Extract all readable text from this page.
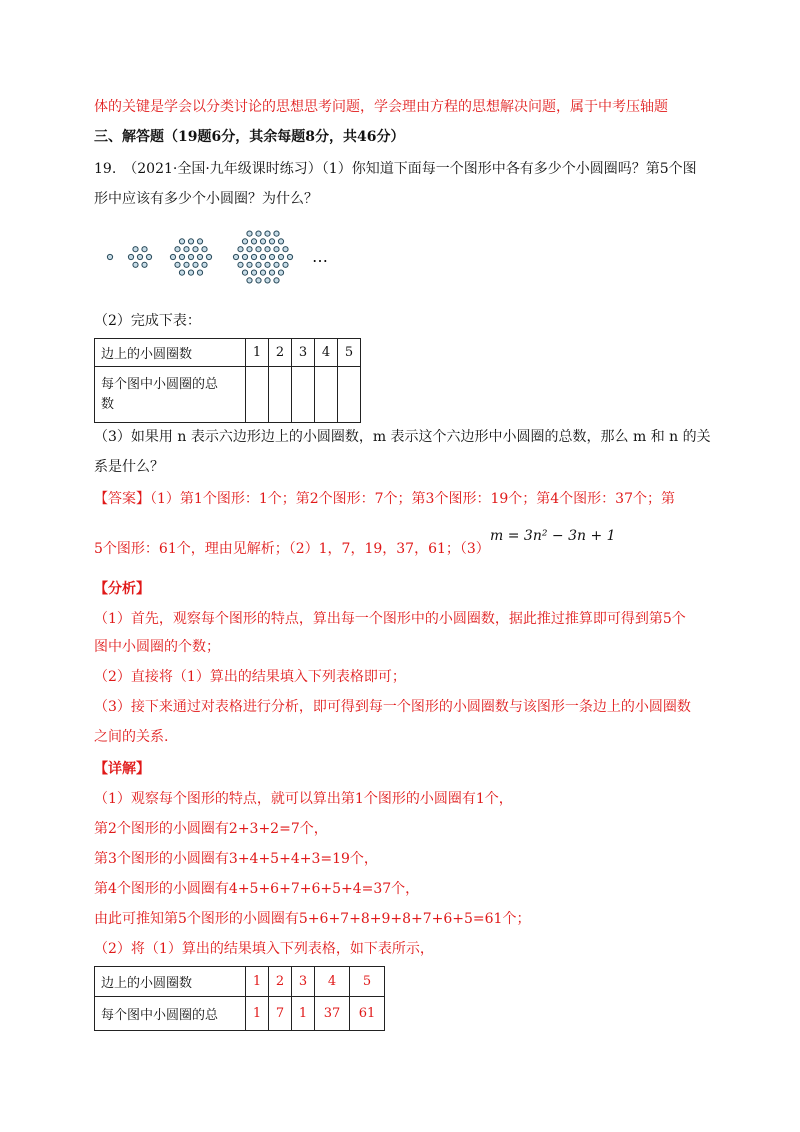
体的关键是学会以分类讨论的思想思考问题，学会理由方程的思想解决问题，属于中考压轴题
三、解答题（19题6分，其余每题8分，共46分）
19.　（2021·全国·九年级课时练习）（1）你知道下面每一个图形中各有多少个小圆圈吗？第5个图
形中应该有多少个小圆圈？为什么？
…
（2）完成下表：
边上的小圆圈数	1	2	3	4	5
每个图中小圆圈的总
数					
（3）如果用 n 表示六边形边上的小圆圈数，m 表示这个六边形中小圆圈的总数，那么 m 和 n 的关
系是什么？
【答案】（1）第1个图形：1个；第2个图形：7个；第3个图形：19个；第4个图形：37个；第
5个图形：61个，理由见解析；（2）1，7，19，37，61；（3）
m = 3n² − 3n + 1
【分析】
（1）首先，观察每个图形的特点，算出每一个图形中的小圆圈数，据此推过推算即可得到第5个
图中小圆圈的个数；
（2）直接将（1）算出的结果填入下列表格即可；
（3）接下来通过对表格进行分析，即可得到每一个图形的小圆圈数与该图形一条边上的小圆圈数
之间的关系.
【详解】
（1）观察每个图形的特点，就可以算出第1个图形的小圆圈有1个，
第2个图形的小圆圈有2+3+2=7个，
第3个图形的小圆圈有3+4+5+4+3=19个，
第4个图形的小圆圈有4+5+6+7+6+5+4=37个，
由此可推知第5个图形的小圆圈有5+6+7+8+9+8+7+6+5=61个；
（2）将（1）算出的结果填入下列表格，如下表所示，
边上的小圆圈数	1	2	3	4	5
每个图中小圆圈的总	1	7	1	37	61
